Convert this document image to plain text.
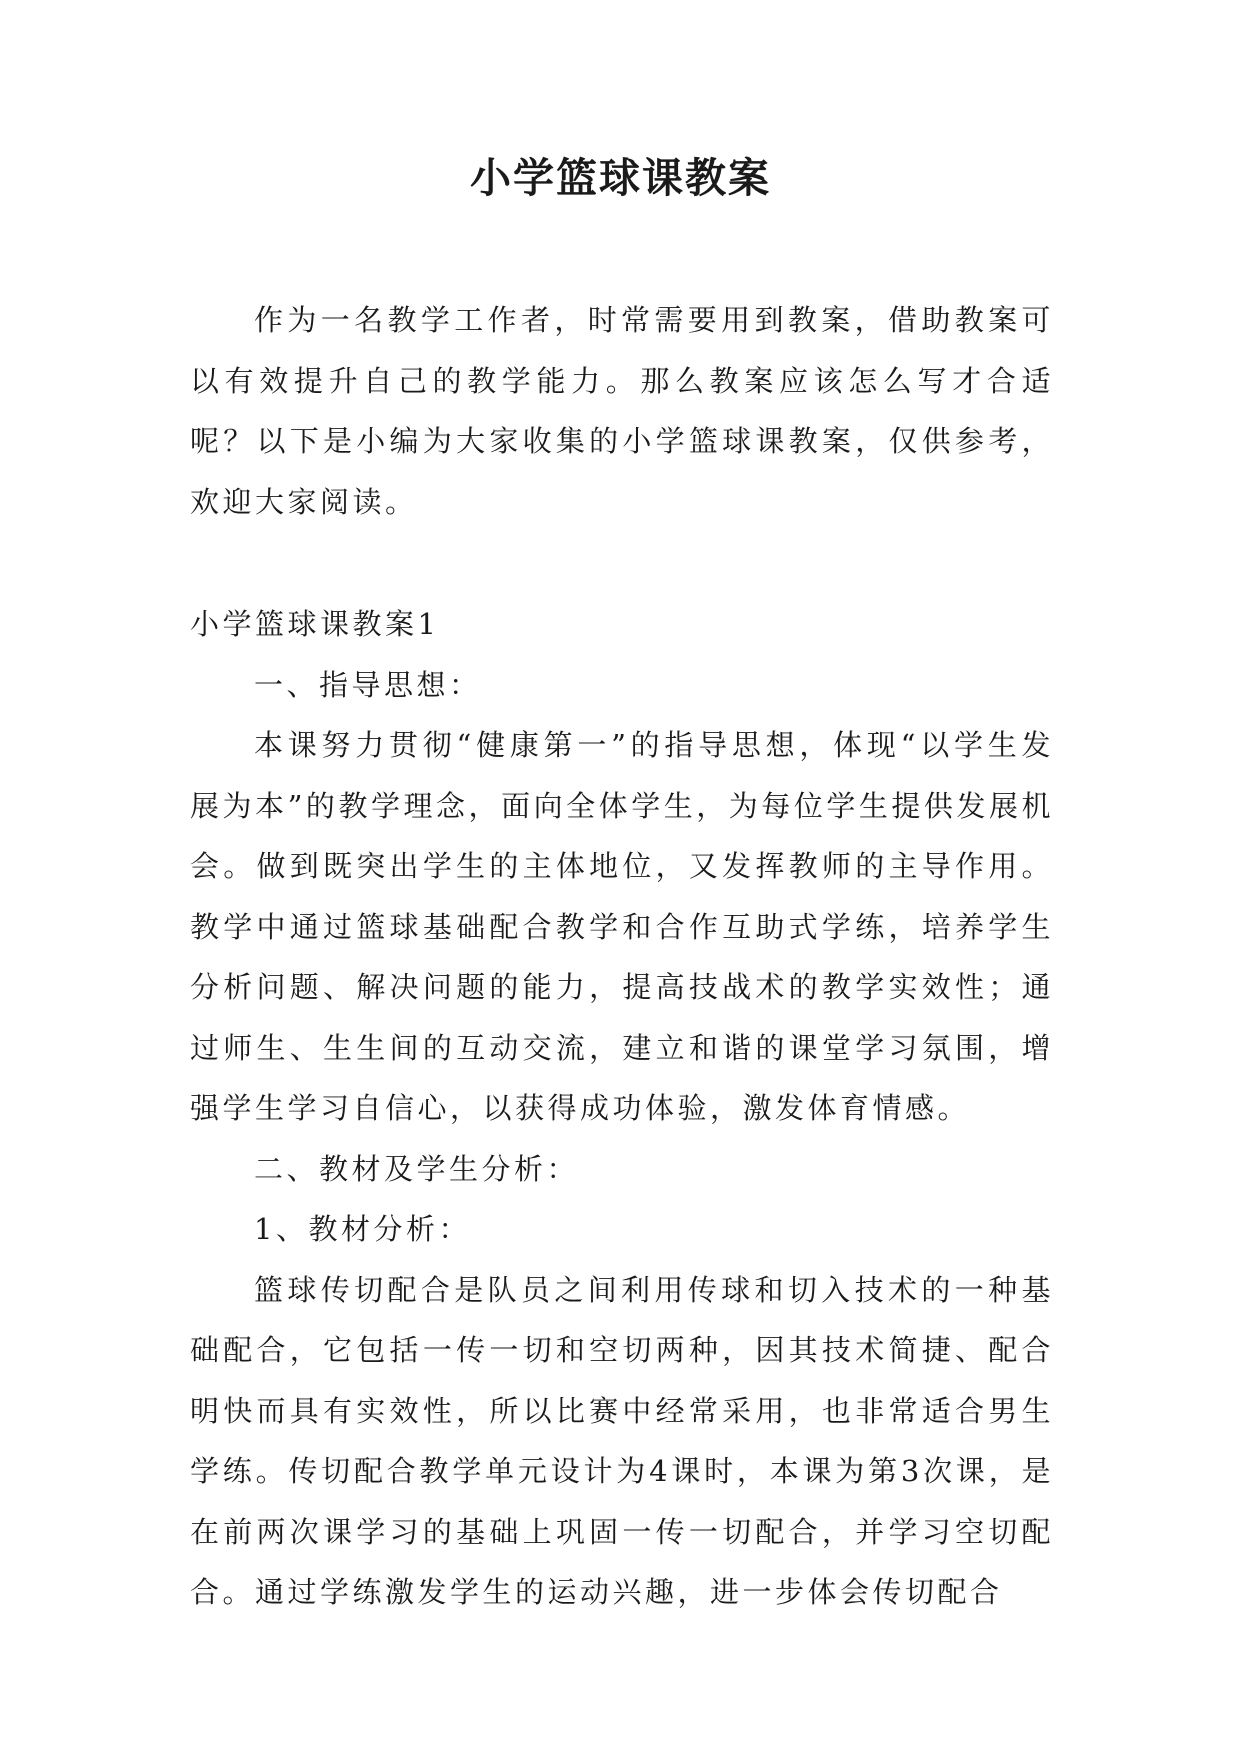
小学篮球课教案

作为一名教学工作者，时常需要用到教案，借助教案可以有效提升自己的教学能力。那么教案应该怎么写才合适呢？以下是小编为大家收集的小学篮球课教案，仅供参考，欢迎大家阅读。

小学篮球课教案1

一、指导思想：

本课努力贯彻“健康第一”的指导思想，体现“以学生发展为本”的教学理念，面向全体学生，为每位学生提供发展机会。做到既突出学生的主体地位，又发挥教师的主导作用。教学中通过篮球基础配合教学和合作互助式学练，培养学生分析问题、解决问题的能力，提高技战术的教学实效性；通过师生、生生间的互动交流，建立和谐的课堂学习氛围，增强学生学习自信心，以获得成功体验，激发体育情感。

二、教材及学生分析：

1、教材分析：

篮球传切配合是队员之间利用传球和切入技术的一种基础配合，它包括一传一切和空切两种，因其技术简捷、配合明快而具有实效性，所以比赛中经常采用，也非常适合男生学练。传切配合教学单元设计为4课时，本课为第3次课，是在前两次课学习的基础上巩固一传一切配合，并学习空切配合。通过学练激发学生的运动兴趣，进一步体会传切配合
